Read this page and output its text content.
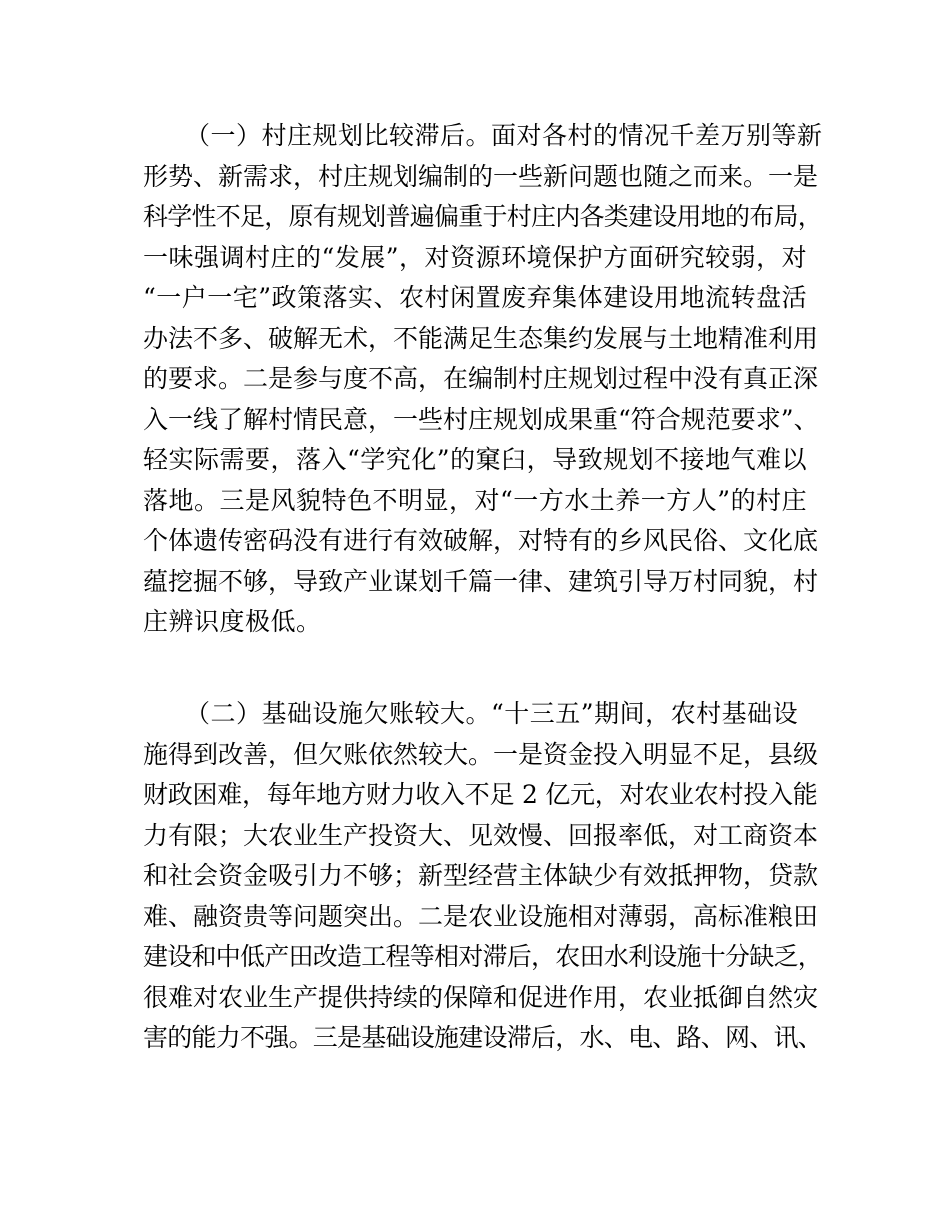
（一）村庄规划比较滞后。面对各村的情况千差万别等新
形势、新需求，村庄规划编制的一些新问题也随之而来。一是
科学性不足，原有规划普遍偏重于村庄内各类建设用地的布局，
一味强调村庄的“发展”，对资源环境保护方面研究较弱，对
“一户一宅”政策落实、农村闲置废弃集体建设用地流转盘活
办法不多、破解无术，不能满足生态集约发展与土地精准利用
的要求。二是参与度不高，在编制村庄规划过程中没有真正深
入一线了解村情民意，一些村庄规划成果重“符合规范要求”、
轻实际需要，落入“学究化”的窠臼，导致规划不接地气难以
落地。三是风貌特色不明显，对“一方水土养一方人”的村庄
个体遗传密码没有进行有效破解，对特有的乡风民俗、文化底
蕴挖掘不够，导致产业谋划千篇一律、建筑引导万村同貌，村
庄辨识度极低。
（二）基础设施欠账较大。“十三五”期间，农村基础设
施得到改善，但欠账依然较大。一是资金投入明显不足，县级
财政困难，每年地方财力收入不足 2 亿元，对农业农村投入能
力有限；大农业生产投资大、见效慢、回报率低，对工商资本
和社会资金吸引力不够；新型经营主体缺少有效抵押物，贷款
难、融资贵等问题突出。二是农业设施相对薄弱，高标准粮田
建设和中低产田改造工程等相对滞后，农田水利设施十分缺乏，
很难对农业生产提供持续的保障和促进作用，农业抵御自然灾
害的能力不强。三是基础设施建设滞后，水、电、路、网、讯、
